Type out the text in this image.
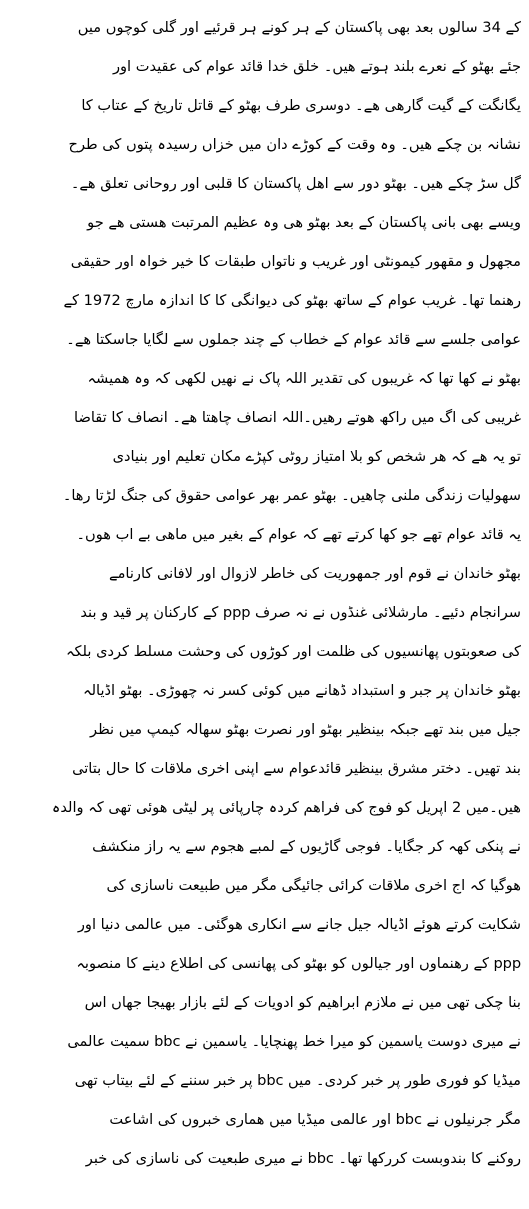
کے 34 سالوں بعد بھی پاکستان کے ہر کونے ہر قرئیے اور گلی کوچوں میں
جئے بھٹو کے نعرے بلند ہوتے ھیں۔ خلق خدا قائد عوام کی عقیدت اور
یگانگت کے گیت گارھی ھے۔ دوسری طرف بھٹو کے قاتل تاریخ کے عتاب کا
نشانہ بن چکے ھیں۔ وہ وقت کے کوڑے دان میں خزاں رسیدہ پتوں کی طرح
گل سڑ چکے ھیں۔ بھٹو دور سے اھل پاکستان کا قلبی اور روحانی تعلق ھے۔
ویسے بھی بانی پاکستان کے بعد بھٹو ھی وہ عظیم المرتبت ھستی ھے جو
مجھول و مقھور کیمونٹی اور غریب و ناتواں طبقات کا خیر خواہ اور حقیقی
رھنما تھا۔ غریب عوام کے ساتھ بھٹو کی دیوانگی کا کا اندازہ مارچ 1972 کے
عوامی جلسے سے قائد عوام کے خطاب کے چند جملوں سے لگایا جاسکتا ھے۔
بھٹو نے کھا تھا کہ غریبوں کی تقدیر اللہ پاک نے نھیں لکھی کہ وہ ھمیشہ
غریبی کی اگ میں راکھ ھوتے رھیں۔اللہ انصاف چاھتا ھے۔ انصاف کا تقاضا
تو یہ ھے کہ ھر شخص کو بلا امتیاز روٹی کپڑے مکان تعلیم اور بنیادی
سھولیات زندگی ملنی چاھیں۔ بھٹو عمر بھر عوامی حقوق کی جنگ لڑتا رھا۔
یہ قائد عوام تھے جو کھا کرتے تھے کہ عوام کے بغیر میں ماھی بے اب ھوں۔
بھٹو خاندان نے قوم اور جمھوریت کی خاطر لازوال اور لافانی کارنامے
سرانجام دئیے۔ مارشلائی غنڈوں نے نہ صرف ppp کے کارکنان پر قید و بند
کی صعوبتوں پھانسیوں کی ظلمت اور کوڑوں کی وحشت مسلط کردی بلکہ
بھٹو خاندان پر جبر و استبداد ڈھانے میں کوئی کسر نہ چھوڑی۔ بھٹو اڈیالہ
جیل میں بند تھے جبکہ بینظیر بھٹو اور نصرت بھٹو سھالہ کیمپ میں نظر
بند تھیں۔ دختر مشرق بینظیر قائدعوام سے اپنی اخری ملاقات کا حال بتاتی
ھیں۔میں 2 اپریل کو فوج کی فراھم کردہ چارپائی پر لیٹی ھوئی تھی کہ والدہ
نے پنکی کھہ کر جگایا۔ فوجی گاڑیوں کے لمبے ھجوم سے یہ راز منکشف
ھوگیا کہ اج اخری ملاقات کرائی جائیگی مگر میں طبیعت ناسازی کی
شکایت کرتے ھوئے اڈیالہ جیل جانے سے انکاری ھوگئی۔ میں عالمی دنیا اور
ppp کے رھنماوں اور جیالوں کو بھٹو کی پھانسی کی اطلاع دینے کا منصوبہ
بنا چکی تھی میں نے ملازم ابراھیم کو ادویات کے لئے بازار بھیجا جھاں اس
نے میری دوست یاسمین کو میرا خط پھنچایا۔ یاسمین نے bbc سمیت عالمی
میڈیا کو فوری طور پر خبر کردی۔ میں bbc پر خبر سننے کے لئے بیتاب تھی
مگر جرنیلوں نے bbc اور عالمی میڈیا میں ھماری خبروں کی اشاعت
روکنے کا بندوبست کررکھا تھا۔ bbc نے میری طبعیت کی ناسازی کی خبر
